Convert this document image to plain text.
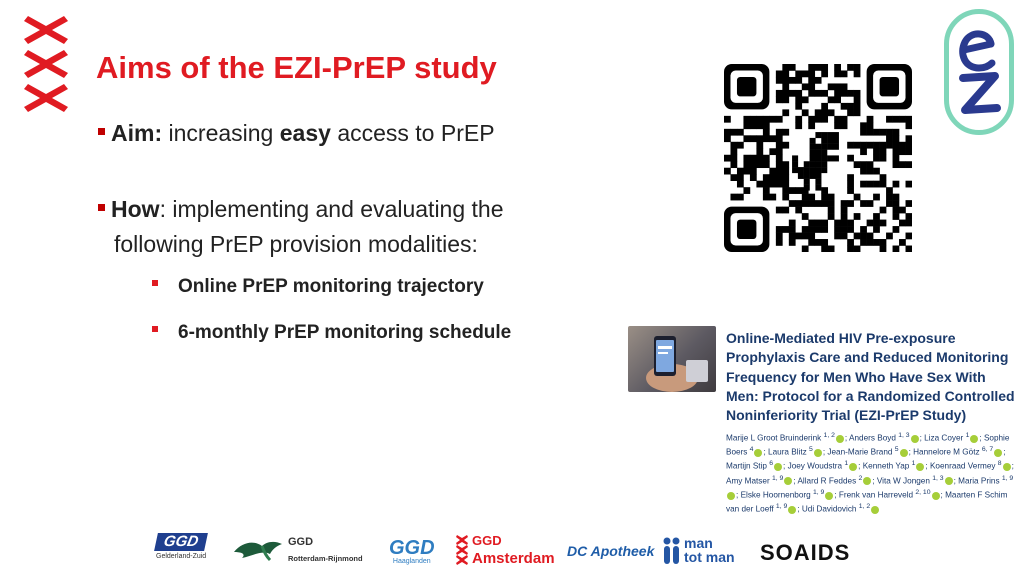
Aims of the EZI-PrEP study
Aim: increasing easy access to PrEP
How: implementing and evaluating the
following PrEP provision modalities:
Online PrEP monitoring trajectory
6-monthly PrEP monitoring schedule	Online-Mediated HIV Pre-exposure Prophylaxis Care and Reduced Monitoring Frequency for Men Who Have Sex With Men: Protocol for a Randomized Controlled Noninferiority Trial (EZI-PrEP Study)
Marije L Groot Bruinderink $^{1, 2}$ ; Anders Boyd $^{1, 3}$ ; Liza Coyer $^1$ ; Sophie Boers $^4$ ; Laura Blitz $^5$ ; Jean-Marie Brand $^5$ ; Hannelore M Götz $^{6, 7}$ ; Martijn Stip $^6$ ; Joey Woudstra $^1$ ; Kenneth Yap $^1$ ; Koenraad Vermey $^8$ ; Amy Matser $^{1, 9}$ ; Allard R Feddes $^2$ ; Vita W Jongen $^{1, 3}$ ; Maria Prins $^{1, 9}$; Elske Hoornenborg $^{1, 9}$ ; Frenk van Harreveld $^{2, 10}$ ; Maarten F Schim van der Loeff $^{1, 9}$ ; Udi Davidovich $^{1, 2}$
GGD
Gelderland-Zuid
GGD
Rotterdam-Rijnmond GGD
Haaglanden
GGD
Amsterdam DC Apotheek man
tot man SOAIDS
